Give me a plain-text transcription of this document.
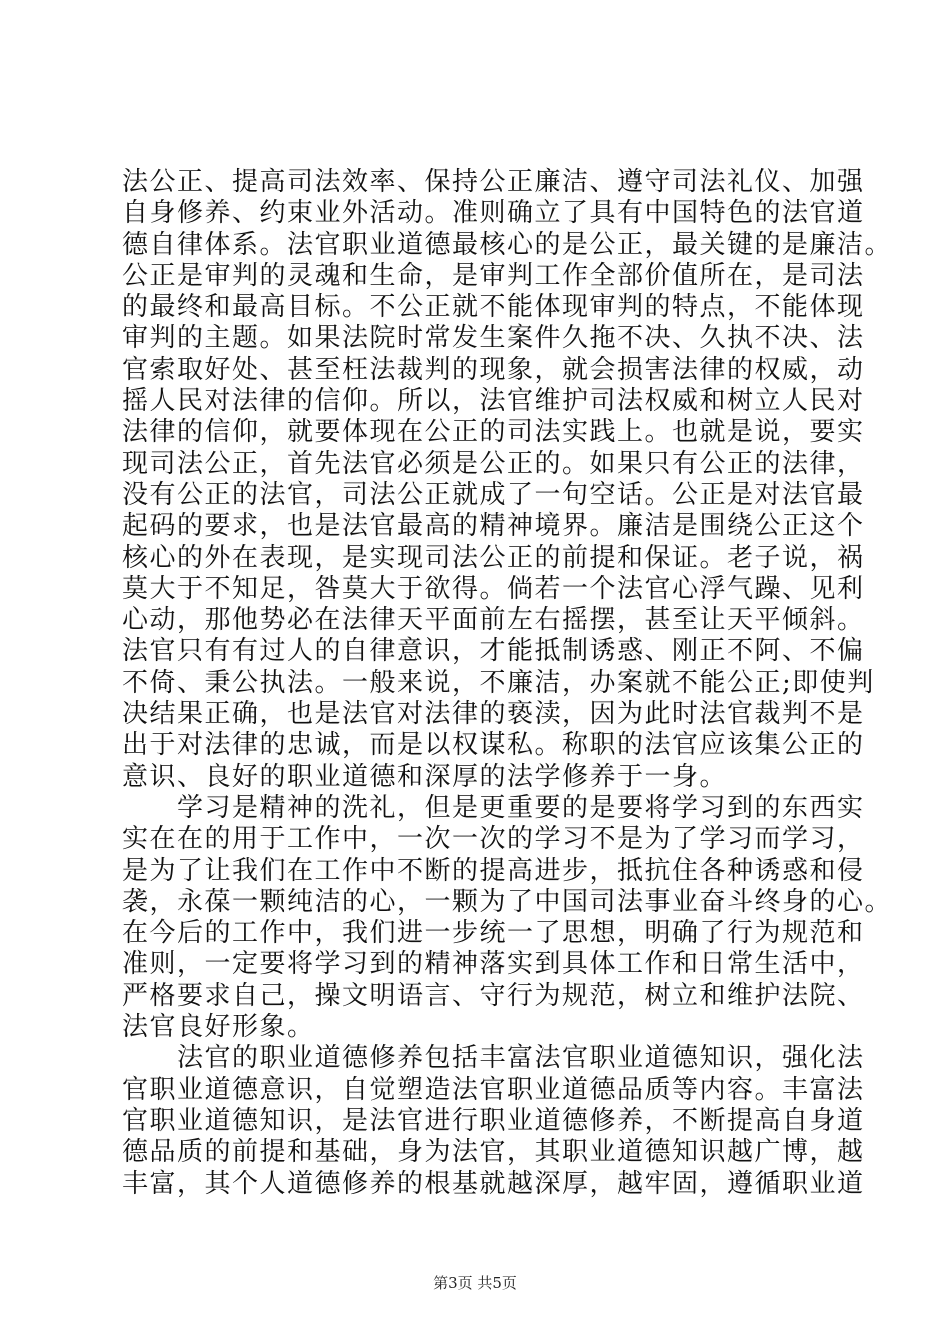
法公正、提高司法效率、保持公正廉洁、遵守司法礼仪、加强
自身修养、约束业外活动。准则确立了具有中国特色的法官道
德自律体系。法官职业道德最核心的是公正，最关键的是廉洁。
公正是审判的灵魂和生命，是审判工作全部价值所在，是司法
的最终和最高目标。不公正就不能体现审判的特点，不能体现
审判的主题。如果法院时常发生案件久拖不决、久执不决、法
官索取好处、甚至枉法裁判的现象，就会损害法律的权威，动
摇人民对法律的信仰。所以，法官维护司法权威和树立人民对
法律的信仰，就要体现在公正的司法实践上。也就是说，要实
现司法公正，首先法官必须是公正的。如果只有公正的法律，
没有公正的法官，司法公正就成了一句空话。公正是对法官最
起码的要求，也是法官最高的精神境界。廉洁是围绕公正这个
核心的外在表现，是实现司法公正的前提和保证。老子说，祸
莫大于不知足，咎莫大于欲得。倘若一个法官心浮气躁、见利
心动，那他势必在法律天平面前左右摇摆，甚至让天平倾斜。
法官只有有过人的自律意识，才能抵制诱惑、刚正不阿、不偏
不倚、秉公执法。一般来说，不廉洁，办案就不能公正;即使判
决结果正确，也是法官对法律的亵渎，因为此时法官裁判不是
出于对法律的忠诚，而是以权谋私。称职的法官应该集公正的
意识、良好的职业道德和深厚的法学修养于一身。
　　学习是精神的洗礼，但是更重要的是要将学习到的东西实
实在在的用于工作中，一次一次的学习不是为了学习而学习，
是为了让我们在工作中不断的提高进步，抵抗住各种诱惑和侵
袭，永葆一颗纯洁的心，一颗为了中国司法事业奋斗终身的心。
在今后的工作中，我们进一步统一了思想，明确了行为规范和
准则，一定要将学习到的精神落实到具体工作和日常生活中，
严格要求自己，操文明语言、守行为规范，树立和维护法院、
法官良好形象。
　　法官的职业道德修养包括丰富法官职业道德知识，强化法
官职业道德意识，自觉塑造法官职业道德品质等内容。丰富法
官职业道德知识，是法官进行职业道德修养，不断提高自身道
德品质的前提和基础，身为法官，其职业道德知识越广博，越
丰富，其个人道德修养的根基就越深厚，越牢固，遵循职业道
第3页 共5页
